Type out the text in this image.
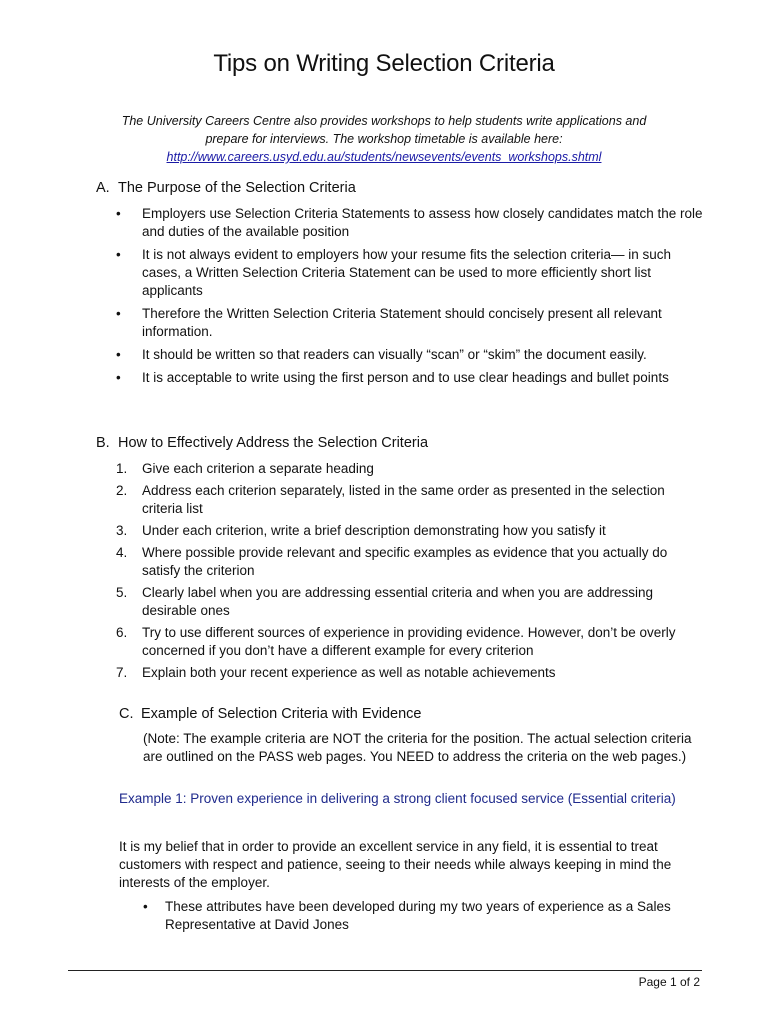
Tips on Writing Selection Criteria
The University Careers Centre also provides workshops to help students write applications and
prepare for interviews. The workshop timetable is available here:
http://www.careers.usyd.edu.au/students/newsevents/events_workshops.shtml
A. The Purpose of the Selection Criteria
• Employers use Selection Criteria Statements to assess how closely candidates match the role and duties of the available position
• It is not always evident to employers how your resume fits the selection criteria— in such cases, a Written Selection Criteria Statement can be used to more efficiently short list applicants
• Therefore the Written Selection Criteria Statement should concisely present all relevant information.
• It should be written so that readers can visually “scan” or “skim” the document easily.
• It is acceptable to write using the first person and to use clear headings and bullet points
B. How to Effectively Address the Selection Criteria
1. Give each criterion a separate heading
2. Address each criterion separately, listed in the same order as presented in the selection criteria list
3. Under each criterion, write a brief description demonstrating how you satisfy it
4. Where possible provide relevant and specific examples as evidence that you actually do satisfy the criterion
5. Clearly label when you are addressing essential criteria and when you are addressing desirable ones
6. Try to use different sources of experience in providing evidence. However, don’t be overly concerned if you don’t have a different example for every criterion
7. Explain both your recent experience as well as notable achievements
C. Example of Selection Criteria with Evidence
(Note: The example criteria are NOT the criteria for the position. The actual selection criteria are outlined on the PASS web pages. You NEED to address the criteria on the web pages.)
Example 1: Proven experience in delivering a strong client focused service (Essential criteria)
It is my belief that in order to provide an excellent service in any field, it is essential to treat customers with respect and patience, seeing to their needs while always keeping in mind the interests of the employer.
• These attributes have been developed during my two years of experience as a Sales Representative at David Jones
Page 1 of 2
